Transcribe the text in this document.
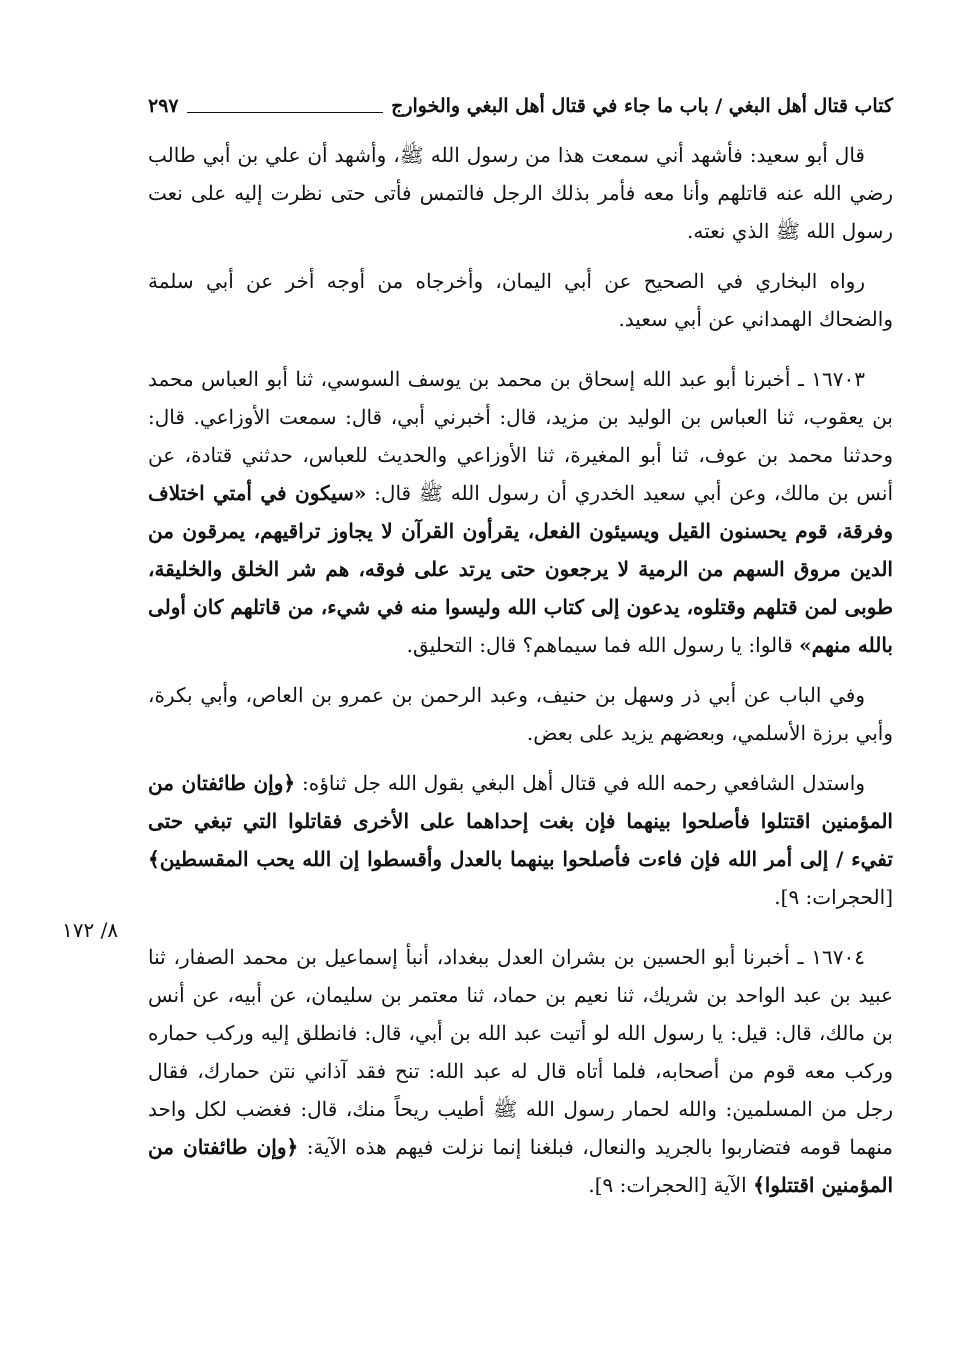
كتاب قتال أهل البغي / باب ما جاء في قتال أهل البغي والخوارج
٢٩٧

قال أبو سعيد: فأشهد أني سمعت هذا من رسول الله ﷺ، وأشهد أن علي بن أبي طالب رضي الله عنه قاتلهم وأنا معه فأمر بذلك الرجل فالتمس فأتى حتى نظرت إليه على نعت رسول الله ﷺ الذي نعته.

رواه البخاري في الصحيح عن أبي اليمان، وأخرجاه من أوجه أخر عن أبي سلمة والضحاك الهمداني عن أبي سعيد.

١٦٧٠٣ ـ أخبرنا أبو عبد الله إسحاق بن محمد بن يوسف السوسي، ثنا أبو العباس محمد بن يعقوب، ثنا العباس بن الوليد بن مزيد، قال: أخبرني أبي، قال: سمعت الأوزاعي. قال: وحدثنا محمد بن عوف، ثنا أبو المغيرة، ثنا الأوزاعي والحديث للعباس، حدثني قتادة، عن أنس بن مالك، وعن أبي سعيد الخدري أن رسول الله ﷺ قال: «سيكون في أمتي اختلاف وفرقة، قوم يحسنون القيل ويسيئون الفعل، يقرأون القرآن لا يجاوز تراقيهم، يمرقون من الدين مروق السهم من الرمية لا يرجعون حتى يرتد على فوقه، هم شر الخلق والخليقة، طوبى لمن قتلهم وقتلوه، يدعون إلى كتاب الله وليسوا منه في شيء، من قاتلهم كان أولى بالله منهم» قالوا: يا رسول الله فما سيماهم؟ قال: التحليق.

وفي الباب عن أبي ذر وسهل بن حنيف، وعبد الرحمن بن عمرو بن العاص، وأبي بكرة، وأبي برزة الأسلمي، وبعضهم يزيد على بعض.

واستدل الشافعي رحمه الله في قتال أهل البغي بقول الله جل ثناؤه: ﴿وإن طائفتان من المؤمنين اقتتلوا فأصلحوا بينهما فإن بغت إحداهما على الأخرى فقاتلوا التي تبغي حتى تفيء / إلى أمر الله فإن فاءت فأصلحوا بينهما بالعدل وأقسطوا إن الله يحب المقسطين﴾ [الحجرات: ٩].

١٦٧٠٤ ـ أخبرنا أبو الحسين بن بشران العدل ببغداد، أنبأ إسماعيل بن محمد الصفار، ثنا عبيد بن عبد الواحد بن شريك، ثنا نعيم بن حماد، ثنا معتمر بن سليمان، عن أبيه، عن أنس بن مالك، قال: قيل: يا رسول الله لو أتيت عبد الله بن أبي، قال: فانطلق إليه وركب حماره وركب معه قوم من أصحابه، فلما أتاه قال له عبد الله: تنح فقد آذاني نتن حمارك، فقال رجل من المسلمين: والله لحمار رسول الله ﷺ أطيب ريحاً منك، قال: فغضب لكل واحد منهما قومه فتضاربوا بالجريد والنعال، فبلغنا إنما نزلت فيهم هذه الآية: ﴿وإن طائفتان من المؤمنين اقتتلوا﴾ الآية [الحجرات: ٩].

٨/ ١٧٢
